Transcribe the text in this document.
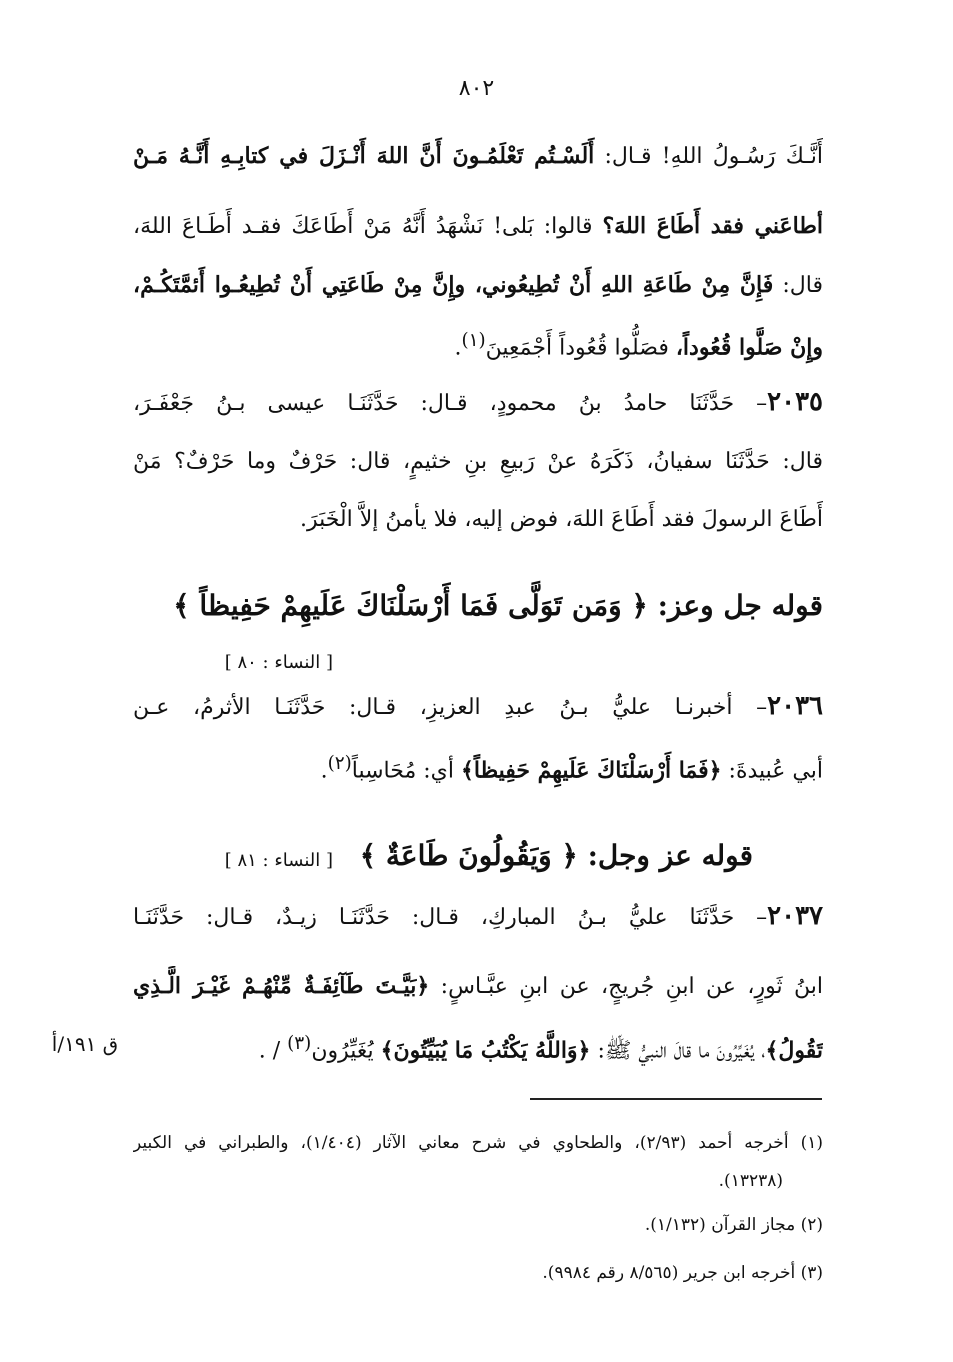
٨٠٢
أَنَّـكَ رَسُـولُ اللهِ! قـال: أَلَسْـتُم تَعْلَمُـونَ أَنَّ اللهَ أَنْـزَلَ في كتابِـهِ أَنَّـهُ مَـنْ
أطاعَني فقد أَطَاعَ اللهَ؟ قالوا: بَلى! نَشْهَدُ أَنَّهُ مَنْ أَطَاعَكَ فقـد أَطَـاعَ اللهَ،
قال: فَإِنَّ مِنْ طَاعَةِ اللهِ أَنْ تُطِيعُوني، وإِنَّ مِنْ طَاعَتِي أَنْ تُطِيعُـوا أَئمَّتَكُـمْ،
وإِنْ صَلَّوا قُعُوداً، فصَلُّوا قُعُوداً أَجْمَعِينَ$^{(١)}$.
٢٠٣٥– حَدَّثَنَا حامدُ بنُ محمودٍ، قـال: حَدَّثَنَـا عيسى بـنُ جَعْفَـرَ،
قال: حَدَّثَنَا سفيانُ، ذَكَرَهُ عنْ رَبيعِ بنِ خثيمٍ، قال: حَرْفٌ وما حَرْفٌ؟ مَنْ
أَطَاعَ الرسولَ فقد أَطَاعَ اللهَ، فوض إليه، فلا يأمنُ إلاَّ الْخَبَرَ.
قوله جل وعز: ﴿ وَمَن تَوَلَّى فَمَا أَرْسَلْنَاكَ عَلَيهِمْ حَفِيظاً ﴾
[ النساء : ٨٠ ]
٢٠٣٦– أخبرنـا عليُّ بـنُ عبدِ العزيزِ، قـال: حَدَّثَنَـا الأثرمُ، عـن
أبي عُبيدةَ: ﴿فَمَا أَرْسَلْنَاكَ عَلَيهِمْ حَفِيظاً﴾ أي: مُحَاسِباً$^{(٢)}$.
قوله عز وجل: ﴿ وَيَقُولُونَ طَاعَةٌ ﴾
[ النساء : ٨١ ]
٢٠٣٧– حَدَّثَنَا عليُّ بـنُ المباركِ، قـال: حَدَّثَنَـا زيـدٌ، قـال: حَدَّثَنَـا
ابنُ ثَورٍ، عن ابنِ جُريجٍ، عن ابنِ عبَّـاسٍ: ﴿بَيَّـتَ طَآئِفَـةٌ مِّنْهُـمْ غَيْـرَ الَّـذِي
تَقُولُ﴾، يُغَيِّرُونَ ما قالَ النبيُّ ﷺ: ﴿وَاللَّهُ يَكْتُبُ مَا يُبَيِّتُونَ﴾ يُغَيِّرُون$^{(٣)}$ / .
ق ١٩١/أ
(١) أخرجه أحمد (٢/٩٣)، والطحاوي في شرح معاني الآثار (١/٤٠٤)، والطبراني في الكبير
(١٣٢٣٨).
(٢) مجاز القرآن (١/١٣٢).
(٣) أخرجه ابن جرير (٨/٥٦٥ رقم ٩٩٨٤).
